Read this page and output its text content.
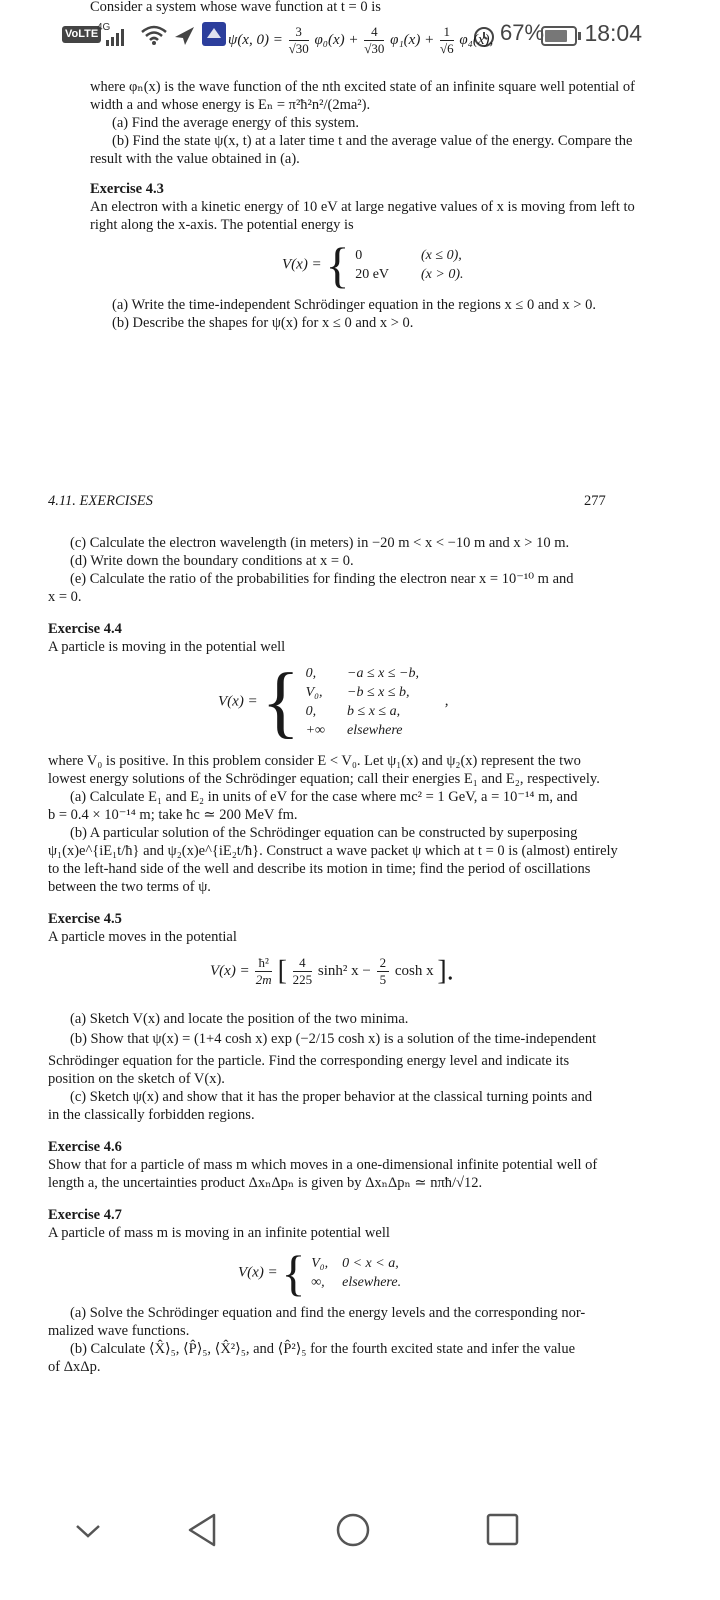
VoLTE
4G	67% 18:04
Consider a system whose wave function at t = 0 is
ψ(x, $0) = \frac{3}{√30} \varphi_0(x) + \frac{4}{√30} \varphi_1(x) + \frac{1}{√6} \varphi_4(x)$,
where φₙ(x) is the wave function of the nth excited state of an infinite square well potential of
width a and whose energy is Eₙ = π²ħ²n²/(2ma²).
(a) Find the average energy of this system.
(b) Find the state ψ(x, t) at a later time t and the average value of the energy. Compare the
result with the value obtained in (a).
Exercise 4.3
An electron with a kinetic energy of 10 eV at large negative values of x is moving from left to
right along the x-axis. The potential energy is
V(x) = { 0	(x ≤ 0),
20 eV	(x > 0).
(a) Write the time-independent Schrödinger equation in the regions x ≤ 0 and x > 0.
(b) Describe the shapes for ψ(x) for x ≤ 0 and x > 0.
4.11. EXERCISES	277
(c) Calculate the electron wavelength (in meters) in −20 m < x < −10 m and x > 10 m.
(d) Write down the boundary conditions at x = 0.
(e) Calculate the ratio of the probabilities for finding the electron near x = 10⁻¹⁰ m and
x = 0.
Exercise 4.4
A particle is moving in the potential well
V(x) = { 0,	−a ≤ x ≤ −b,
V₀,	−b ≤ x ≤ b,
0,	b ≤ x ≤ a,
+∞	elsewhere ,
where V₀ is positive. In this problem consider E < V₀. Let ψ₁(x) and ψ₂(x) represent the two
lowest energy solutions of the Schrödinger equation; call their energies E₁ and E₂, respectively.
(a) Calculate E₁ and E₂ in units of eV for the case where mc² = 1 GeV, a = 10⁻¹⁴ m, and
b = 0.4 × 10⁻¹⁴ m; take ħc ≃ 200 MeV fm.
(b) A particular solution of the Schrödinger equation can be constructed by superposing
ψ₁(x)e^{iE₁t/ħ} and ψ₂(x)e^{iE₂t/ħ}. Construct a wave packet ψ which at t = 0 is (almost) entirely
to the left-hand side of the well and describe its motion in time; find the period of oscillations
between the two terms of ψ.
Exercise 4.5
A particle moves in the potential
$V(x) = \frac{\text{ħ²}}{2m}$ [ $\frac{4}{225} \sinh^2$ $x - \frac{2}{5}$ cosh x ].
(a) Sketch V(x) and locate the position of the two minima.
(b) Show that ψ(x) = (1+4 cosh x) exp (−2/15 cosh x) is a solution of the time-independent
Schrödinger equation for the particle. Find the corresponding energy level and indicate its
position on the sketch of V(x).
(c) Sketch ψ(x) and show that it has the proper behavior at the classical turning points and
in the classically forbidden regions.
Exercise 4.6
Show that for a particle of mass m which moves in a one-dimensional infinite potential well of
length a, the uncertainties product ΔxₙΔpₙ is given by ΔxₙΔpₙ ≃ nπħ/√12.
Exercise 4.7
A particle of mass m is moving in an infinite potential well
V(x) = { V₀,	0 < x < a,
∞,	elsewhere.
(a) Solve the Schrödinger equation and find the energy levels and the corresponding nor-
malized wave functions.
(b) Calculate ⟨X̂⟩₅, ⟨P̂⟩₅, ⟨X̂²⟩₅, and ⟨P̂²⟩₅ for the fourth excited state and infer the value
of ΔxΔp.
